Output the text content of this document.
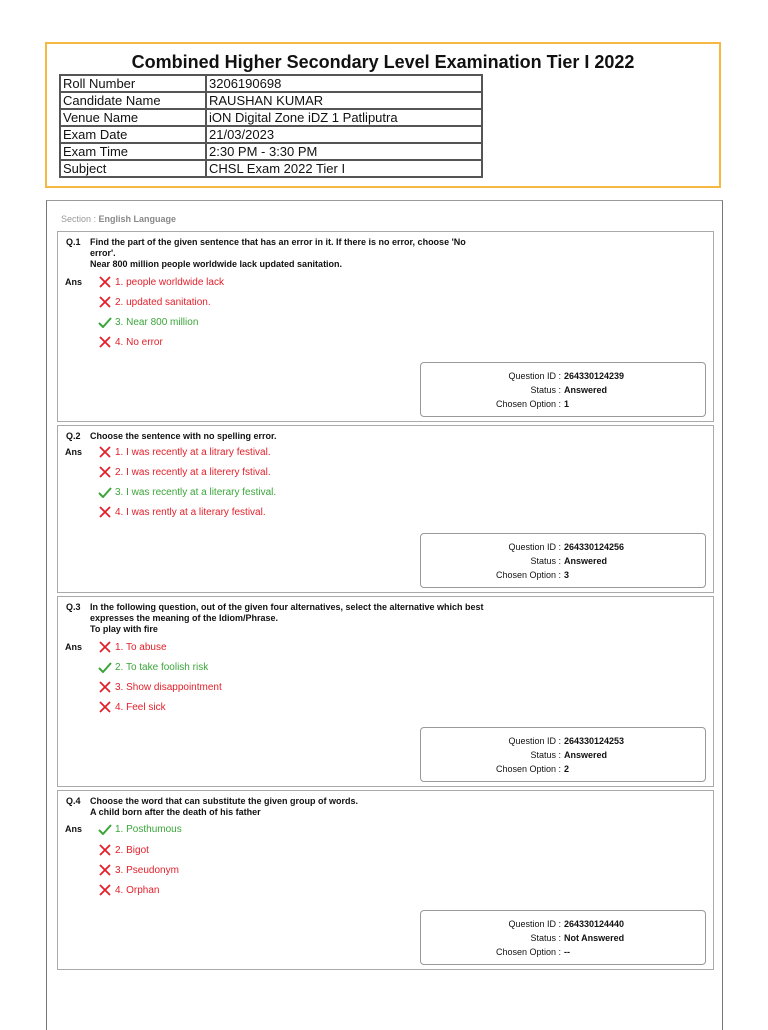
Combined Higher Secondary Level Examination Tier I 2022
Roll Number	3206190698
Candidate Name	RAUSHAN KUMAR
Venue Name	iON Digital Zone iDZ 1 Patliputra
Exam Date	21/03/2023
Exam Time	2:30 PM - 3:30 PM
Subject	CHSL Exam 2022 Tier I
Section : English Language
Q.1 Find the part of the given sentence that has an error in it. If there is no error, choose 'No
error'.
Near 800 million people worldwide lack updated sanitation.
Ans	1. people worldwide lack
2. updated sanitation.
3. Near 800 million
4. No error
Question ID : 264330124239
Status : Answered
Chosen Option : 1
Q.2 Choose the sentence with no spelling error.
Ans	1. I was recently at a litrary festival.
2. I was recently at a literery fstival.
3. I was recently at a literary festival.
4. I was rently at a literary festival.
Question ID : 264330124256
Status : Answered
Chosen Option : 3
Q.3 In the following question, out of the given four alternatives, select the alternative which best
expresses the meaning of the Idiom/Phrase.
To play with fire
Ans	1. To abuse
2. To take foolish risk
3. Show disappointment
4. Feel sick
Question ID : 264330124253
Status : Answered
Chosen Option : 2
Q.4 Choose the word that can substitute the given group of words.
A child born after the death of his father
Ans	1. Posthumous
2. Bigot
3. Pseudonym
4. Orphan
Question ID : 264330124440
Status : Not Answered
Chosen Option : --
